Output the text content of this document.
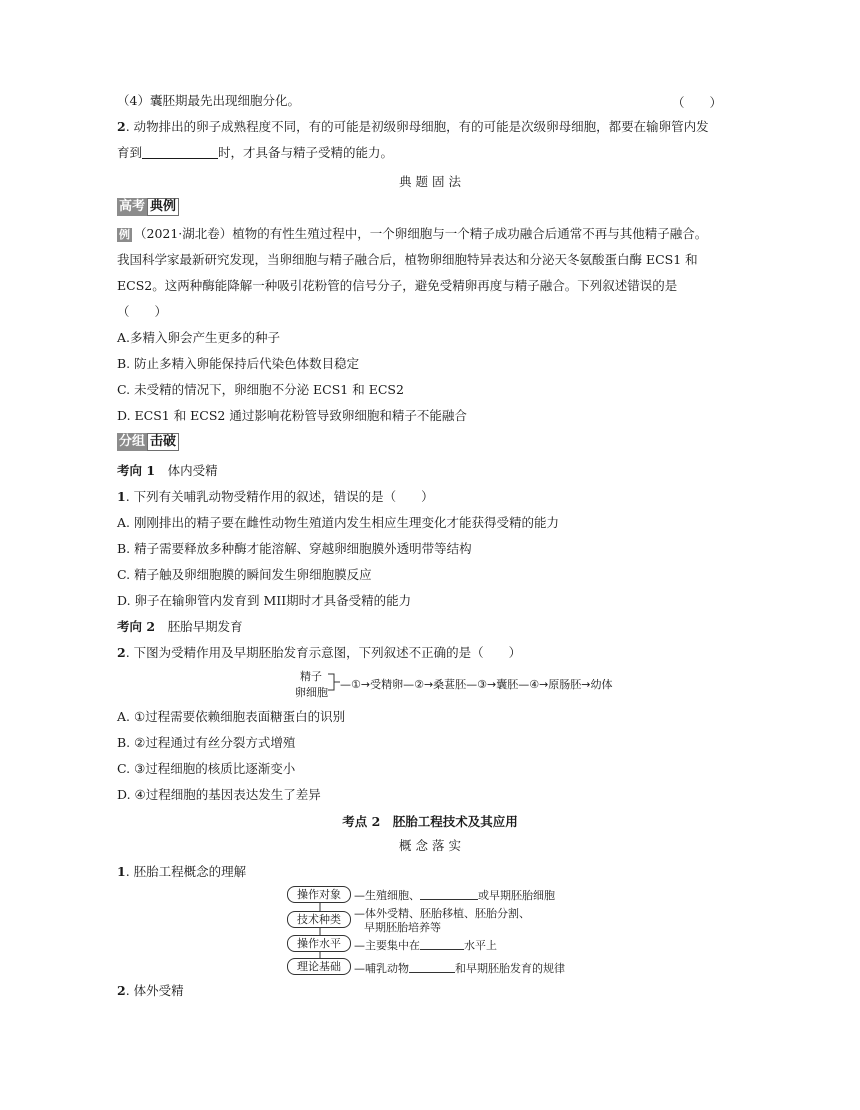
（4）囊胚期最先出现细胞分化。	（　　）
2. 动物排出的卵子成熟程度不同，有的可能是初级卵母细胞，有的可能是次级卵母细胞，都要在输卵管内发
育到	时，才具备与精子受精的能力。
典 题 固 法
高考 典例
例 （2021·湖北卷）植物的有性生殖过程中，一个卵细胞与一个精子成功融合后通常不再与其他精子融合。
我国科学家最新研究发现，当卵细胞与精子融合后，植物卵细胞特异表达和分泌天冬氨酸蛋白酶 ECS1 和
ECS2。这两种酶能降解一种吸引花粉管的信号分子，避免受精卵再度与精子融合。下列叙述错误的是
（　　）
A.多精入卵会产生更多的种子
B. 防止多精入卵能保持后代染色体数目稳定
C. 未受精的情况下，卵细胞不分泌 ECS1 和 ECS2
D. ECS1 和 ECS2 通过影响花粉管导致卵细胞和精子不能融合
分组 击破
考向 1　 体内受精
1. 下列有关哺乳动物受精作用的叙述，错误的是（　　）
A. 刚刚排出的精子要在雌性动物生殖道内发生相应生理变化才能获得受精的能力
B. 精子需要释放多种酶才能溶解、穿越卵细胞膜外透明带等结构
C. 精子触及卵细胞膜的瞬间发生卵细胞膜反应
D. 卵子在输卵管内发育到 MII期时才具备受精的能力
考向 2　 胚胎早期发育
2. 下图为受精作用及早期胚胎发育示意图，下列叙述不正确的是（　　）
精子
卵细胞
—①→受精卵—②→桑葚胚—③→囊胚—④→原肠胚→幼体
A. ①过程需要依赖细胞表面糖蛋白的识别
B. ②过程通过有丝分裂方式增殖
C. ③过程细胞的核质比逐渐变小
D. ④过程细胞的基因表达发生了差异
考点 2　胚胎工程技术及其应用
概 念 落 实
1. 胚胎工程概念的理解
操作对象	—生殖细胞、	或早期胚胎细胞
技术种类	—体外受精、胚胎移植、胚胎分割、
早期胚胎培养等
操作水平	—主要集中在	水平上
理论基础	—哺乳动物	和早期胚胎发育的规律
2. 体外受精
